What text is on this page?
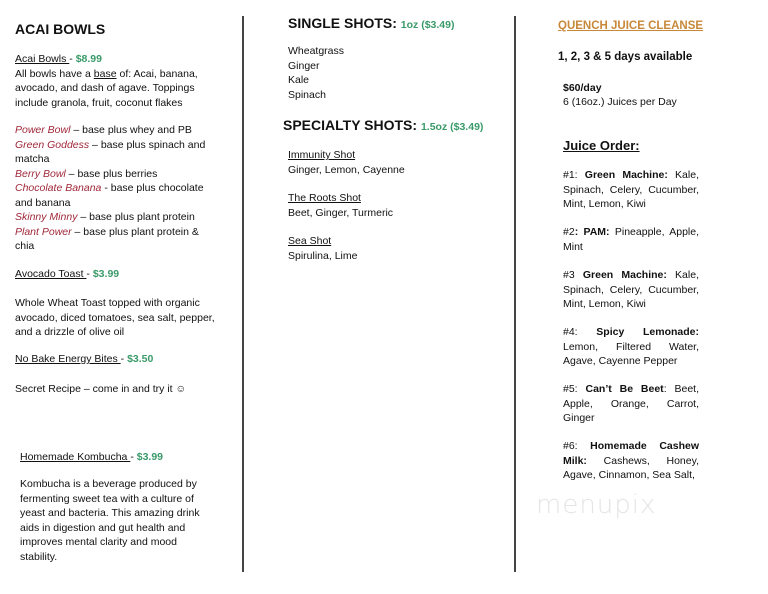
ACAI BOWLS
Acai Bowls - $8.99
All bowls have a base of: Acai, banana, avocado, and dash of agave. Toppings include granola, fruit, coconut flakes
Power Bowl – base plus whey and PB
Green Goddess – base plus spinach and matcha
Berry Bowl – base plus berries
Chocolate Banana - base plus chocolate and banana
Skinny Minny – base plus plant protein
Plant Power – base plus plant protein & chia
Avocado Toast - $3.99
Whole Wheat Toast topped with organic avocado, diced tomatoes, sea salt, pepper, and a drizzle of olive oil
No Bake Energy Bites - $3.50
Secret Recipe – come in and try it ☺
Homemade Kombucha - $3.99
Kombucha is a beverage produced by fermenting sweet tea with a culture of yeast and bacteria. This amazing drink aids in digestion and gut health and improves mental clarity and mood stability.
SINGLE SHOTS: 1oz ($3.49)
Wheatgrass
Ginger
Kale
Spinach
SPECIALTY SHOTS: 1.5oz ($3.49)
Immunity Shot
Ginger, Lemon, Cayenne
The Roots Shot
Beet, Ginger, Turmeric
Sea Shot
Spirulina, Lime
QUENCH JUICE CLEANSE
1, 2, 3 & 5 days available
$60/day
6 (16oz.) Juices per Day
Juice Order:
#1: Green Machine: Kale, Spinach, Celery, Cucumber, Mint, Lemon, Kiwi
#2: PAM: Pineapple, Apple, Mint
#3 Green Machine: Kale, Spinach, Celery, Cucumber, Mint, Lemon, Kiwi
#4: Spicy Lemonade: Lemon, Filtered Water, Agave, Cayenne Pepper
#5: Can’t Be Beet: Beet, Apple, Orange, Carrot, Ginger
#6: Homemade Cashew Milk: Cashews, Honey, Agave, Cinnamon, Sea Salt,
menupix
